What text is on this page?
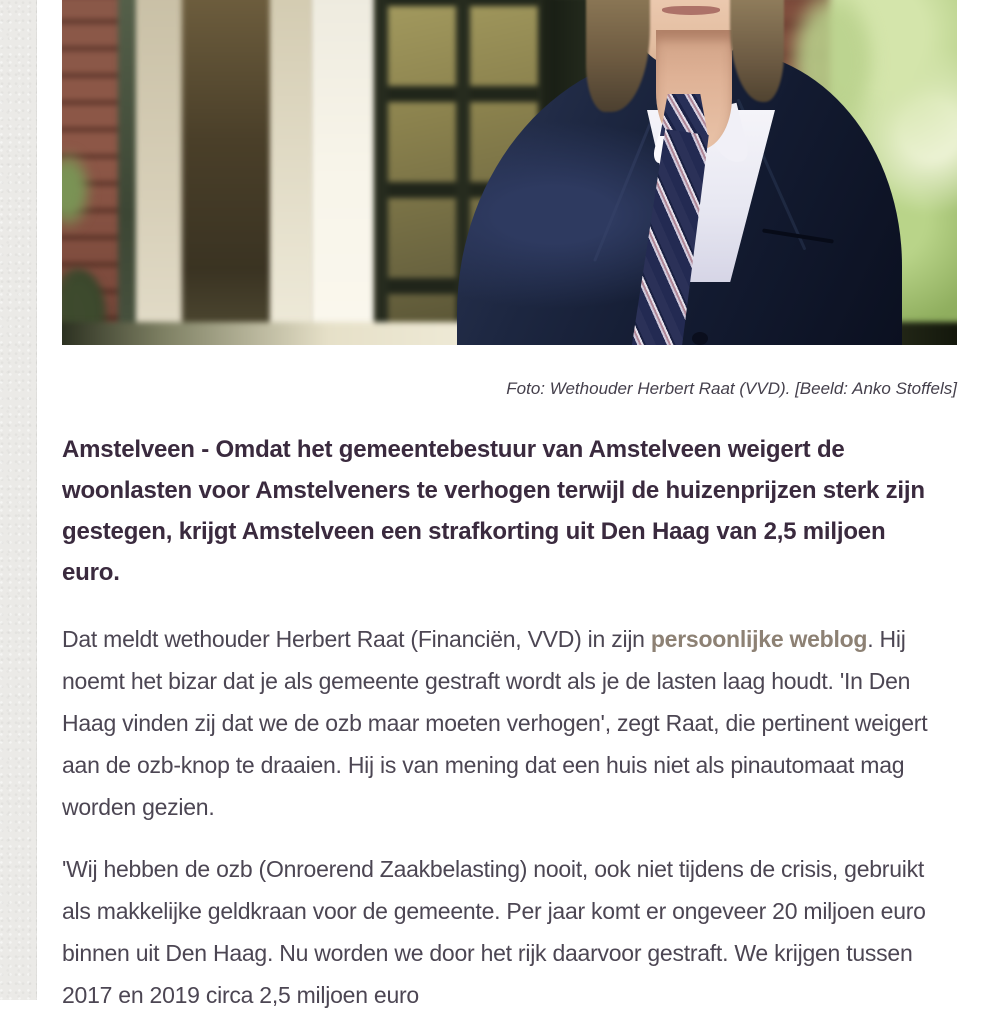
Foto: Wethouder Herbert Raat (VVD). [Beeld: Anko Stoffels]

Amstelveen - Omdat het gemeentebestuur van Amstelveen weigert de woonlasten voor Amstelveners te verhogen terwijl de huizenprijzen sterk zijn gestegen, krijgt Amstelveen een strafkorting uit Den Haag van 2,5 miljoen euro.

Dat meldt wethouder Herbert Raat (Financiën, VVD) in zijn persoonlijke weblog. Hij noemt het bizar dat je als gemeente gestraft wordt als je de lasten laag houdt. 'In Den Haag vinden zij dat we de ozb maar moeten verhogen', zegt Raat, die pertinent weigert aan de ozb-knop te draaien. Hij is van mening dat een huis niet als pinautomaat mag worden gezien.

'Wij hebben de ozb (Onroerend Zaakbelasting) nooit, ook niet tijdens de crisis, gebruikt als makkelijke geldkraan voor de gemeente. Per jaar komt er ongeveer 20 miljoen euro binnen uit Den Haag. Nu worden we door het rijk daarvoor gestraft. We krijgen tussen 2017 en 2019 circa 2,5 miljoen euro
